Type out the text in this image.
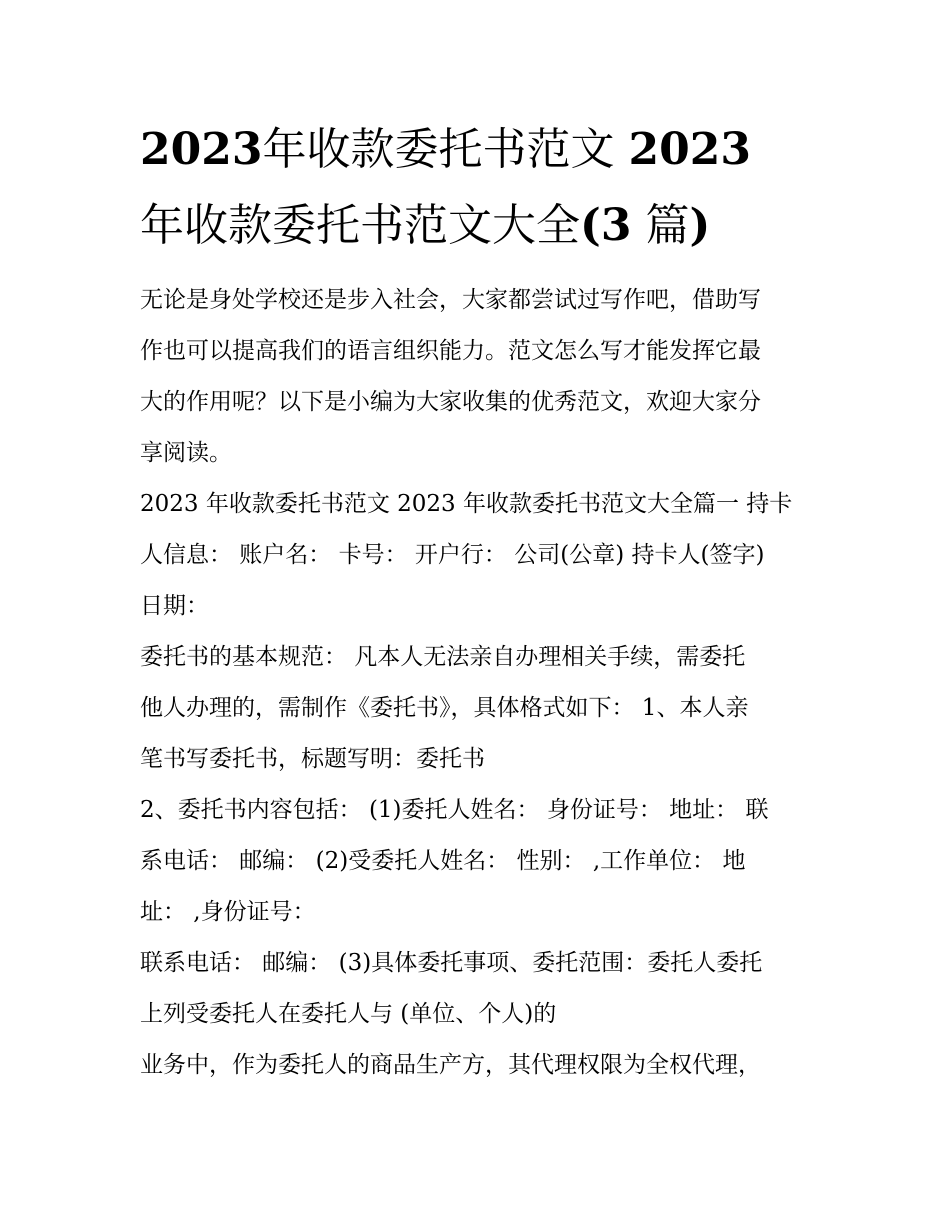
2023年收款委托书范文 2023
年收款委托书范文大全(3 篇)
无论是身处学校还是步入社会，大家都尝试过写作吧，借助写
作也可以提高我们的语言组织能力。范文怎么写才能发挥它最
大的作用呢？以下是小编为大家收集的优秀范文，欢迎大家分
享阅读。
2023 年收款委托书范文 2023 年收款委托书范文大全篇一 持卡
人信息： 账户名： 卡号： 开户行： 公司(公章) 持卡人(签字)
日期：
委托书的基本规范： 凡本人无法亲自办理相关手续，需委托
他人办理的，需制作《委托书》，具体格式如下： 1、本人亲
笔书写委托书，标题写明：委托书
2、委托书内容包括： (1)委托人姓名： 身份证号： 地址： 联
系电话： 邮编： (2)受委托人姓名： 性别： ,工作单位： 地
址： ,身份证号：
联系电话： 邮编： (3)具体委托事项、委托范围：委托人委托
上列受委托人在委托人与 (单位、个人)的
业务中，作为委托人的商品生产方，其代理权限为全权代理，
